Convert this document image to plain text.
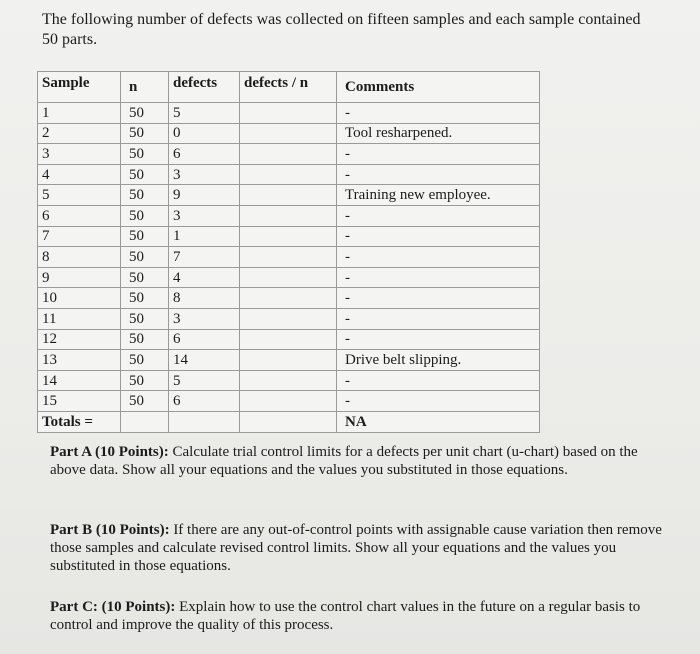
The following number of defects was collected on fifteen samples and each sample contained 50 parts.
Sample	n	defects	defects / n	Comments
1	50	5		-
2	50	0		Tool resharpened.
3	50	6		-
4	50	3		-
5	50	9		Training new employee.
6	50	3		-
7	50	1		-
8	50	7		-
9	50	4		-
10	50	8		-
11	50	3		-
12	50	6		-
13	50	14		Drive belt slipping.
14	50	5		-
15	50	6		-
Totals =				NA
Part A (10 Points): Calculate trial control limits for a defects per unit chart (u-chart) based on the above data. Show all your equations and the values you substituted in those equations.
Part B (10 Points): If there are any out-of-control points with assignable cause variation then remove those samples and calculate revised control limits. Show all your equations and the values you substituted in those equations.
Part C: (10 Points): Explain how to use the control chart values in the future on a regular basis to control and improve the quality of this process.
